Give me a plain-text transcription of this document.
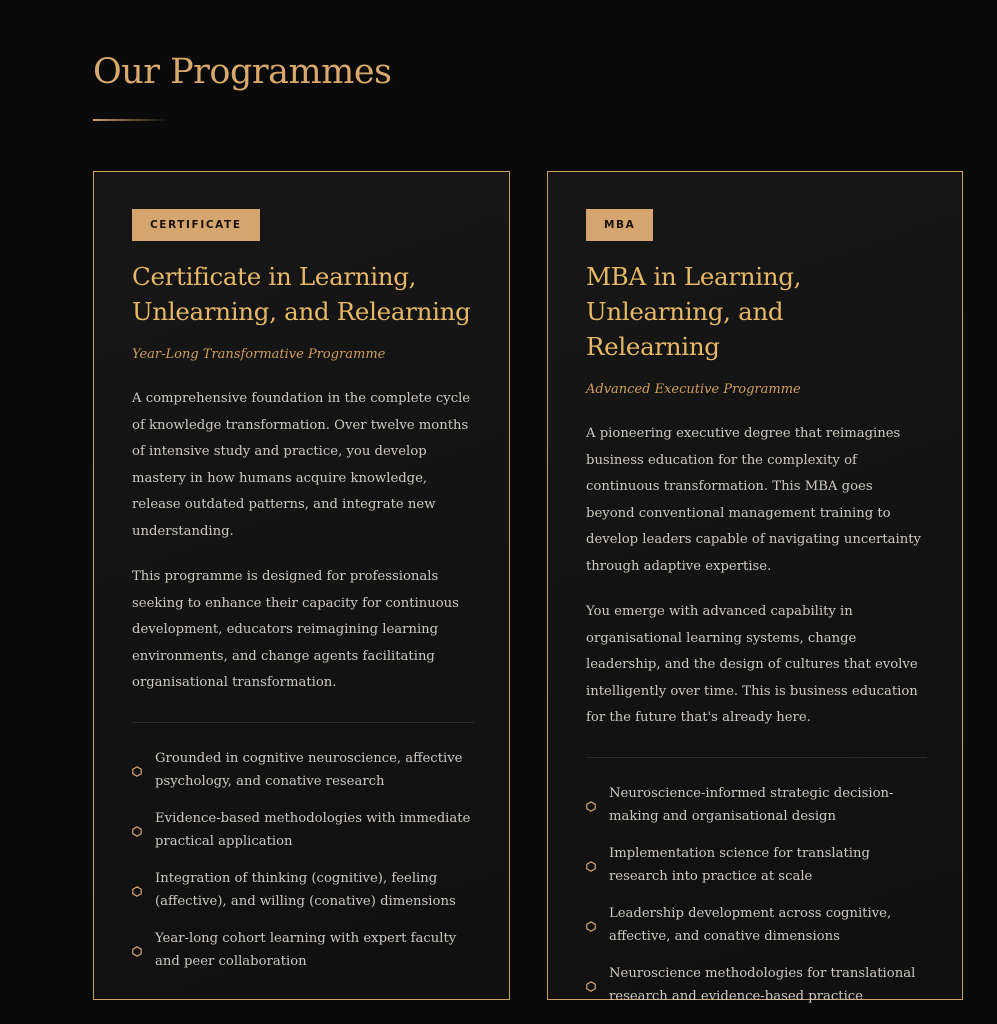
Our Programmes
CERTIFICATE
Certificate in Learning, Unlearning, and Relearning

Year-Long Transformative Programme

A comprehensive foundation in the complete cycle of knowledge transformation. Over twelve months of intensive study and practice, you develop mastery in how humans acquire knowledge, release outdated patterns, and integrate new understanding.

This programme is designed for professionals seeking to enhance their capacity for continuous development, educators reimagining learning environments, and change agents facilitating organisational transformation.

Grounded in cognitive neuroscience, affective psychology, and conative research
Evidence-based methodologies with immediate practical application
Integration of thinking (cognitive), feeling (affective), and willing (conative) dimensions
Year-long cohort learning with expert faculty and peer collaboration
MBA
MBA in Learning, Unlearning, and Relearning

Advanced Executive Programme

A pioneering executive degree that reimagines business education for the complexity of continuous transformation. This MBA goes beyond conventional management training to develop leaders capable of navigating uncertainty through adaptive expertise.

You emerge with advanced capability in organisational learning systems, change leadership, and the design of cultures that evolve intelligently over time. This is business education for the future that's already here.

Neuroscience-informed strategic decision-making and organisational design
Implementation science for translating research into practice at scale
Leadership development across cognitive, affective, and conative dimensions
Neuroscience methodologies for translational research and evidence-based practice
